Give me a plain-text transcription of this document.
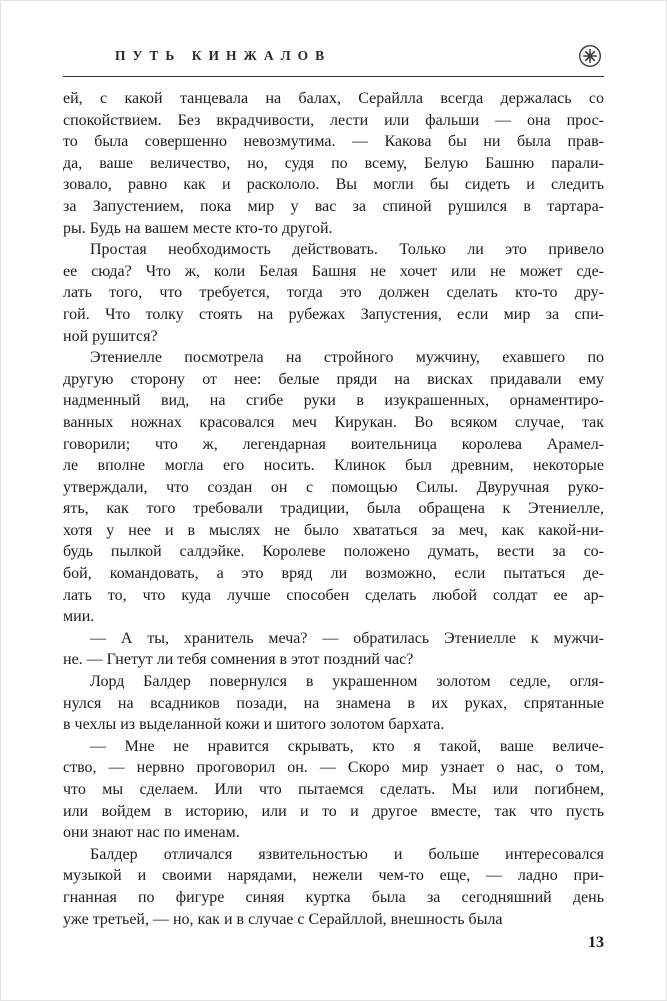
ПУТЬ КИНЖАЛОВ
ей, с какой танцевала на балах, Серайлла всегда держалась со
спокойствием. Без вкрадчивости, лести или фальши — она прос-
то была совершенно невозмутима. — Какова бы ни была прав-
да, ваше величество, но, судя по всему, Белую Башню парали-
зовало, равно как и раскололо. Вы могли бы сидеть и следить
за Запустением, пока мир у вас за спиной рушился в тартара-
ры. Будь на вашем месте кто-то другой.
Простая необходимость действовать. Только ли это привело
ее сюда? Что ж, коли Белая Башня не хочет или не может сде-
лать того, что требуется, тогда это должен сделать кто-то дру-
гой. Что толку стоять на рубежах Запустения, если мир за спи-
ной рушится?
Этениелле посмотрела на стройного мужчину, ехавшего по
другую сторону от нее: белые пряди на висках придавали ему
надменный вид, на сгибе руки в изукрашенных, орнаментиро-
ванных ножнах красовался меч Кирукан. Во всяком случае, так
говорили; что ж, легендарная воительница королева Арамел-
ле вполне могла его носить. Клинок был древним, некоторые
утверждали, что создан он с помощью Силы. Двуручная руко-
ять, как того требовали традиции, была обращена к Этениелле,
хотя у нее и в мыслях не было хвататься за меч, как какой-ни-
будь пылкой салдэйке. Королеве положено думать, вести за со-
бой, командовать, а это вряд ли возможно, если пытаться де-
лать то, что куда лучше способен сделать любой солдат ее ар-
мии.
— А ты, хранитель меча? — обратилась Этениелле к мужчи-
не. — Гнетут ли тебя сомнения в этот поздний час?
Лорд Балдер повернулся в украшенном золотом седле, огля-
нулся на всадников позади, на знамена в их руках, спрятанные
в чехлы из выделанной кожи и шитого золотом бархата.
— Мне не нравится скрывать, кто я такой, ваше величе-
ство, — нервно проговорил он. — Скоро мир узнает о нас, о том,
что мы сделаем. Или что пытаемся сделать. Мы или погибнем,
или войдем в историю, или и то и другое вместе, так что пусть
они знают нас по именам.
Балдер отличался язвительностью и больше интересовался
музыкой и своими нарядами, нежели чем-то еще, — ладно при-
гнанная по фигуре синяя куртка была за сегодняшний день
уже третьей, — но, как и в случае с Серайллой, внешность была
13
